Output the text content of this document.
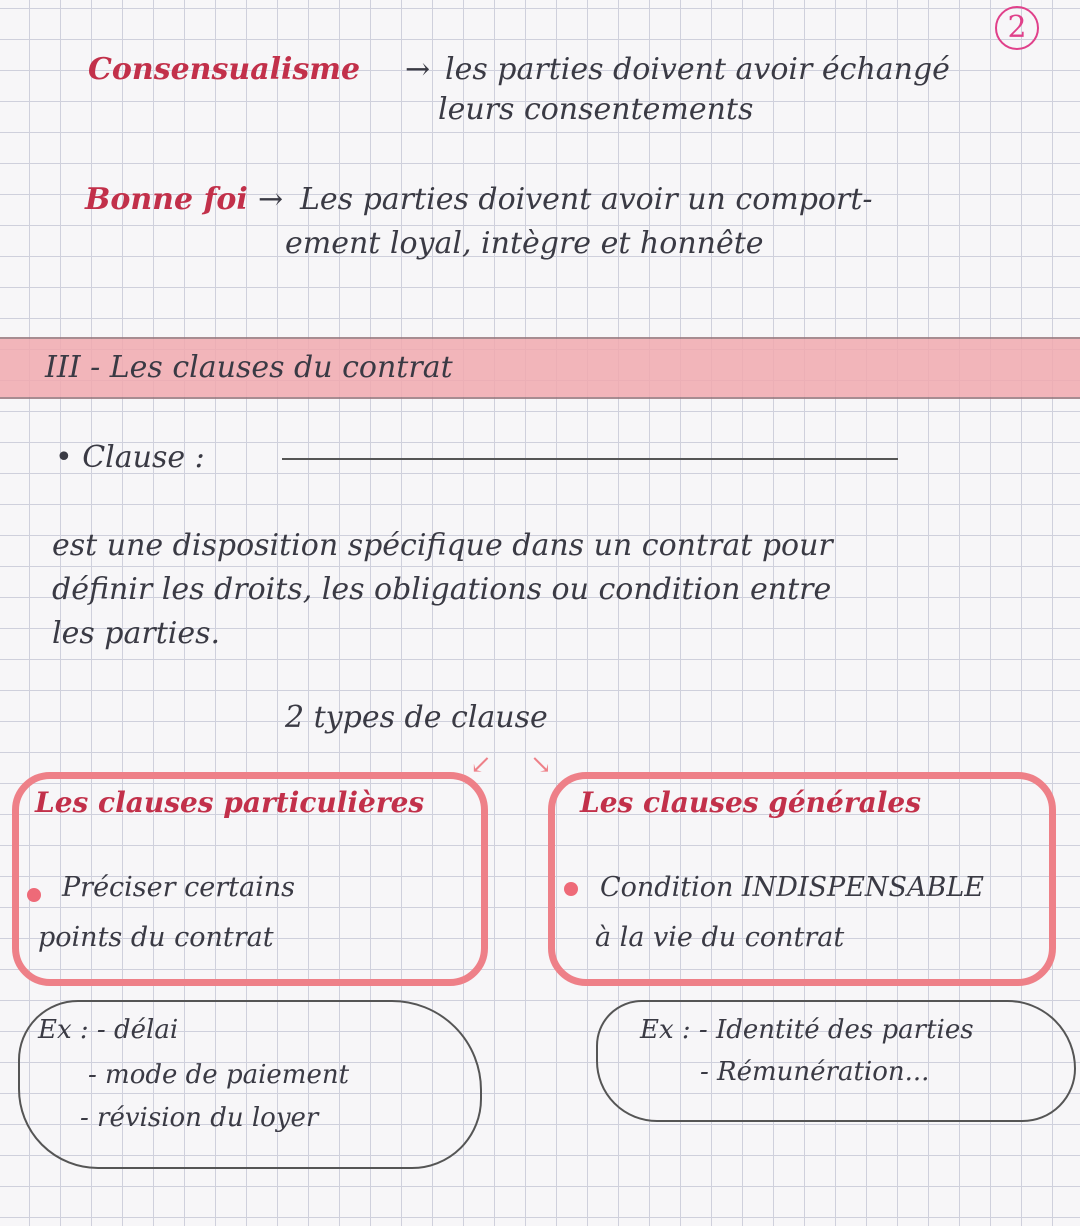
2
Consensualisme → les parties doivent avoir échangé
leurs consentements
Bonne foi → Les parties doivent avoir un comport-
ement loyal, intègre et honnête
III - Les clauses du contrat
• Clause :
est une disposition spécifique dans un contrat pour
définir les droits, les obligations ou condition entre
les parties.
2 types de clause
↙ ↘
Les clauses particulières
Préciser certains
points du contrat
Les clauses générales
Condition INDISPENSABLE
à la vie du contrat
Ex : - délai
- mode de paiement
- révision du loyer
Ex : - Identité des parties
- Rémunération...
